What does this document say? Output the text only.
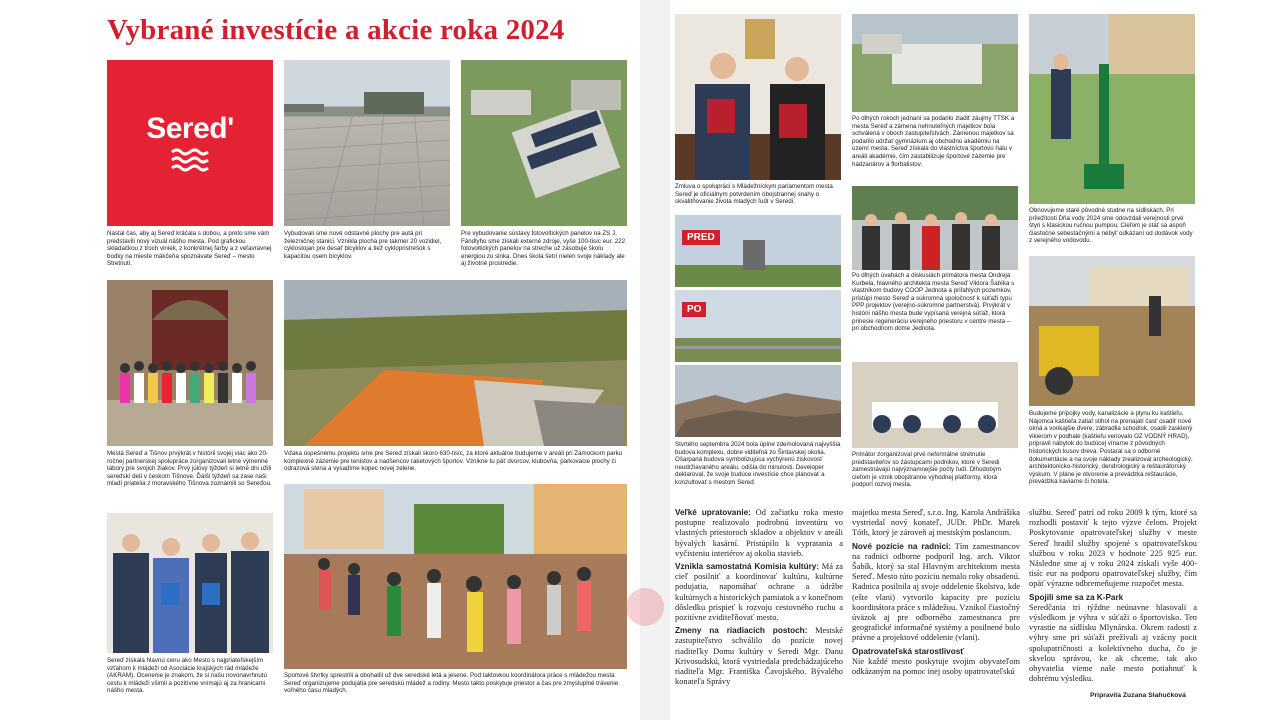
Vybrané investície a akcie roka 2024
Sered'
Nastal čas, aby aj Sereď kráčala s dobou, a preto sme vám predstavili nový vizuál nášho mesta. Pod grafickou skladačkou z troch viniek, z konkrétnej farby a z veľavravnej bodky na mieste mäkčeňa spoznávate Sereď – mesto Stretnutí.
Vybudovali sme nové odstavné plochy pre autá pri železničnej stanici. Vznikla plocha pre takmer 20 vozidiel, cyklostojan pre desať bicyklov a tiež cyklopristrešok s kapacitou osem bicyklov.
Pre vybudovanie sústavy fotovoltických panelov na ZŠ J. Fándlyho sme získali externé zdroje, vyše 100-tisíc eur. 222 fotovoltických panelov na streche už zásobuje školu energiou zo slnka. Dnes škola šetrí nielen svoje náklady ale aj životné prostredie.
Mestá Sereď a Tišnov prvýkrát v histórii svojej viac ako 20-ročnej partnerskej spolupráce zorganizovali letné výmenné tábory pre svojich žiakov. Prvý júlový týždeň si letné dni užili seredskí deti v českom Tišnove. Ďalší týždeň sa zase naši mladí priatelia z moravského Tišnova zoznámili so Sereďou.
Vďaka úspešnému projektu sme pre Sereď získali skoro 630-tisíc, za ktoré aktuálne budujeme v areáli pri Zámockom parku komplexné zázemie pre tenistov a nadšencov raketových športov. Vznikne tu päť dvorcov, klubovňa, parkovacie plochy či odrazová stena a vysadíme kopec novej zelene.
Sereď získala hlavnú cenu ako Mesto s najpriateľskejším vzťahom k mládeži od Asociácie krajských rád mládeže (AKRAM). Ocenenie je znakom, že si našu novonavrhnutú cestu k mládeži všimli a pozitívne vnímajú aj za hranicami nášho mesta.
Športové štvrtky sprestrili a obohatili už dve seredské letá a jesene. Pod taktovkou koordinátora práce s mládežou mesta Sereď organizujeme podujatia pre seredskú mládež a rodiny. Mesto takto poskytuje priestor a čas pre zmysluplné trávenie voľného času mladých.
Zmluva o spolupráci s Mládežníckym parlamentom mesta Sereď je oficiálnym potvrdením obojstrannej snahy o skvalitňovanie života mladých ľudí v Seredi.
PRED
PO
Štvrtého septembra 2024 bola úplne zdemolovaná najvyššia budova komplexu, dobre viditeľná zo Šintavskej okolia. Ošarpaná budova symbolizujúca vychýrenú ziskovosť neudržiavaného areálu, odišla do minulosti. Developer deklaroval, že svoje budúce investície chce plánovať a konzultovať s mestom Sereď.
Po dlhých rokoch jednaní sa podarilo zladiť záujmy TTSK a mesta Sereď a zámena nehnuteľných majetkov bola schválená v oboch zastupiteľstvách. Zámenou majetkov sa podarilo udržať gymnázium aj obchodnú akadémiu na území mesta. Sereď získala do vlastníctva športovú halu v areáli akadémie, čím zastabilizuje športové zázemie pre hádzanárov a florbalistov.
Po dlhých úvahách a diskusiách primátora mesta Ondreja Kurbela, hlavného architekta mesta Sereď Viktora Šabíka s vlastníkom budovy COOP Jednota a priľahlých pozemkov, pristúpi mesto Sereď a súkromná spoločnosť k súťaži typu PPP projektov (verejno-súkromné partnerstvá). Prvýkrát v histórii nášho mesta bude vypísaná verejná súťaž, ktorá prinesie regeneráciu verejného priestoru v centre mesta – pri obchodnom dome Jednota.
Primátor zorganizoval prvé neformálne stretnutie predstaviteľov so zástupcami podnikov, ktoré v Seredi zamestnávajú najvýznamnejšie počty ľudí. Dlhodobým cieľom je vznik obojstranne výhodnej platformy, ktorá podporí rozvoj mesta.
Obnovujeme staré pôvodné studne na sídliskách. Pri príležitosti Dňa vody 2024 sme odovzdali verejnosti prvé štyri s klasickou ručnou pumpou. Cieľom je stať sa aspoň čiastočne sebestačnými a nebyť odkázaní od dodávok vody z verejného vodovodu.
Budujeme prípojky vody, kanalizácie a plynu ku kaštieľu. Nájomca kaštieľa zatiaľ stihol na prenajatí časť osadiť nové okná a vonkajšie dvere, zábradlia schodísk, osadil zasklený vikierom v podhale (kaštieľu venovalo OZ VODNÝ HRAD), pripravil nábytok do budúcej vínarne z pôvodných historických kusov dreva. Postaral sa o odborné dokumentácie a na svoje náklady zrealizoval archeologický, architektonicko-historický, dendrologický a reštaurátorský výskum. V pláne je otvorenie a prevádzka reštaurácie, prevádzka kaviarne či hotela.

Veľké upratovanie: Od začiatku roka mesto postupne realizovalo podrobnú inventúru vo vlastných priestoroch skladov a objektov v areáli bývalých kasární. Pristúpilo k vypratania a vyčisteniu interiérov aj okolia stavieb.

Vznikla samostatná Komisia kultúry: Má za cieľ posilniť a koordinovať kultúru, kultúrne podujatia, napomáhať ochrane a údržbe kultúrnych a historických pamiatok a v konečnom dôsledku prispieť k rozvoju cestovného ruchu a pozitívne zviditeľňovať mesto.

Zmeny na riadiacich postoch: Mestské zastupiteľstvo schválilo do pozície novej riaditeľky Domu kultúry v Seredi Mgr. Danu Krivosudskú, ktorá vystriedala predchádzajúceho riaditeľa Mgr. Františka Čavojského. Bývalého konateľa Správy

majetku mesta Sereď, s.r.o. Ing. Karola Andrášika vystriedal nový konateľ, JUDr. PhDr. Marek Tóth, ktorý je zároveň aj mestským poslancom.

Nové pozície na radnici: Tím zamestnancov na radnici odborne podporil Ing. arch. Viktor Šabík, ktorý sa stal Hlavným architektom mesta Sereď. Mesto túto pozíciu nemalo roky obsadenú. Radnica posilnila aj svoje oddelenie školstva, kde (ešte vlani) vytvorilo kapacity pre pozíciu koordinátora práce s mládežou. Vznikol čiastočný úväzok aj pre odborného zamestnanca pre geografické informačné systémy a posilnené bolo právne a projektové oddelenie (vlani).

Opatrovateľská starostlivosť
Nie každé mesto poskytuje svojim obyvateľom odkázaným na pomoc inej osoby opatrovateľskú

službu. Sereď patrí od roku 2009 k tým, ktoré sa rozhodli postaviť k tejto výzve čelom. Projekt Poskytovanie opatrovateľskej služby v meste Sereď hradil služby spojené s opatrovateľskou službou v roku 2023 v hodnote 225 925 eur. Následne sme aj v roku 2024 získali vyše 400-tisíc eur na podporu opatrovateľskej služby, čím opäť výrazne odbremeňujeme rozpočet mesta.

Spojili sme sa za K-Park
Seredčania tri týždne neúnavne hlasovali a výsledkom je výhra v súťaži o športovisko. Ten vyrastie na sídlisku Mlynárska. Okrem radosti z výhry sme pri súťaži prežívali aj vzácny pocit spolupatričnosti a kolektívneho ducha, čo je skvelou správou, ke ak chceme, tak ako obyvatelia vieme naše mesto potiahnuť k dobrému výsledku.

Pripravila Zuzana Slahučková
